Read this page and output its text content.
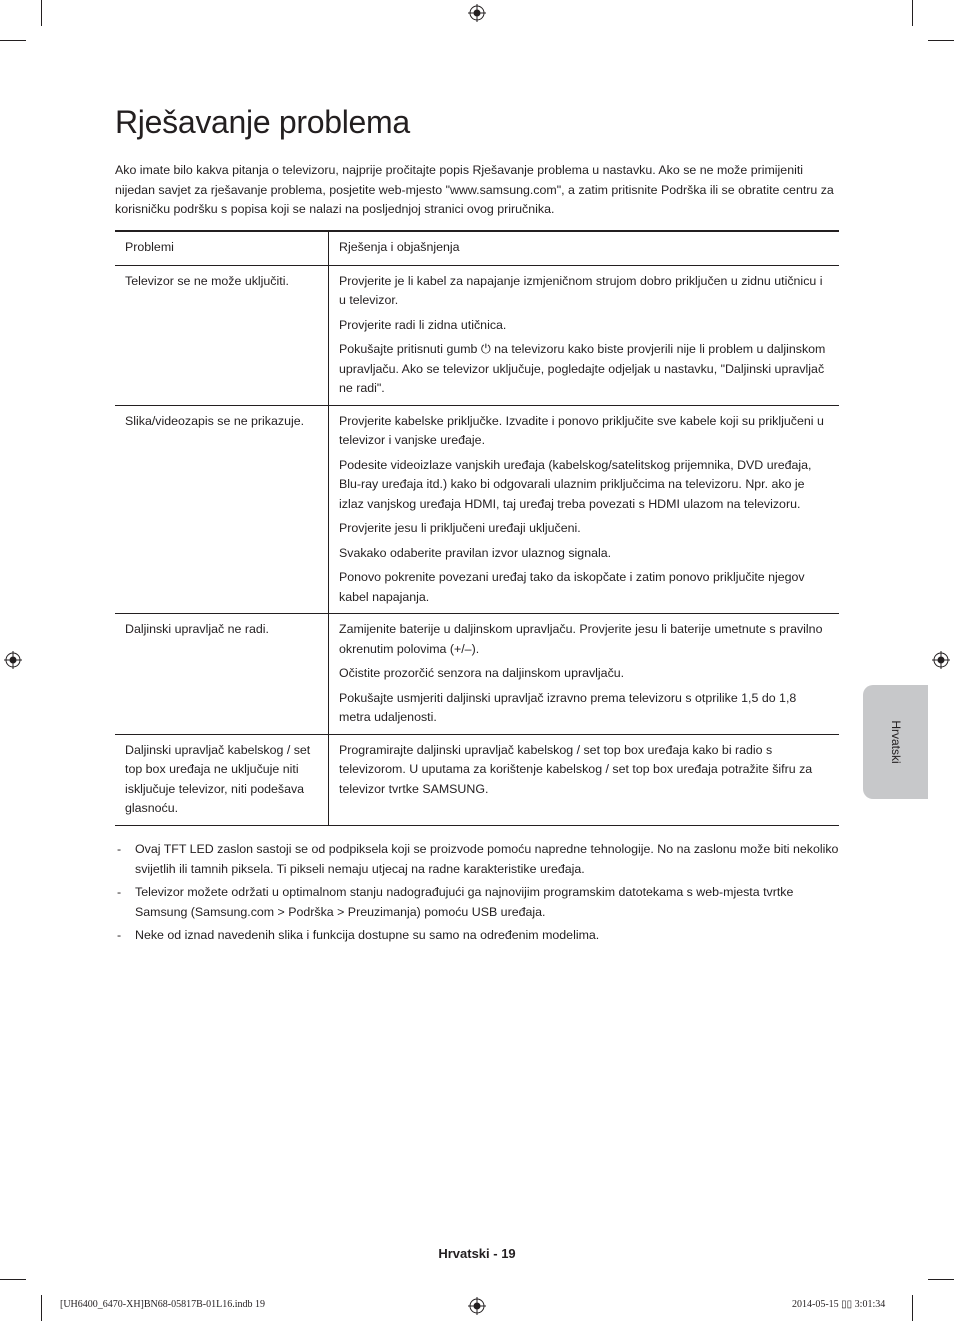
Rješavanje problema

Ako imate bilo kakva pitanja o televizoru, najprije pročitajte popis Rješavanje problema u nastavku. Ako se ne može primijeniti nijedan savjet za rješavanje problema, posjetite web-mjesto "www.samsung.com", a zatim pritisnite Podrška ili se obratite centru za korisničku podršku s popisa koji se nalazi na posljednjoj stranici ovog priručnika.

Problemi	Rješenja i objašnjenja
Televizor se ne može uključiti.	Provjerite je li kabel za napajanje izmjeničnom strujom dobro priključen u zidnu utičnicu i u televizor.

Provjerite radi li zidna utičnica.

Pokušajte pritisnuti gumb ⏻ na televizoru kako biste provjerili nije li problem u daljinskom upravljaču. Ako se televizor uključuje, pogledajte odjeljak u nastavku, "Daljinski upravljač ne radi".

Slika/videozapis se ne prikazuje.	Provjerite kabelske priključke. Izvadite i ponovo priključite sve kabele koji su priključeni u televizor i vanjske uređaje.

Podesite videoizlaze vanjskih uređaja (kabelskog/satelitskog prijemnika, DVD uređaja, Blu-ray uređaja itd.) kako bi odgovarali ulaznim priključcima na televizoru. Npr. ako je izlaz vanjskog uređaja HDMI, taj uređaj treba povezati s HDMI ulazom na televizoru.

Provjerite jesu li priključeni uređaji uključeni.

Svakako odaberite pravilan izvor ulaznog signala.

Ponovo pokrenite povezani uređaj tako da iskopčate i zatim ponovo priključite njegov kabel napajanja.

Daljinski upravljač ne radi.	Zamijenite baterije u daljinskom upravljaču. Provjerite jesu li baterije umetnute s pravilno okrenutim polovima (+/–).

Očistite prozorčić senzora na daljinskom upravljaču.

Pokušajte usmjeriti daljinski upravljač izravno prema televizoru s otprilike 1,5 do 1,8 metra udaljenosti.

Daljinski upravljač kabelskog / set top box uređaja ne uključuje niti isključuje televizor, niti podešava glasnoću.	Programirajte daljinski upravljač kabelskog / set top box uređaja kako bi radio s televizorom. U uputama za korištenje kabelskog / set top box uređaja potražite šifru za televizor tvrtke SAMSUNG.

- Ovaj TFT LED zaslon sastoji se od podpiksela koji se proizvode pomoću napredne tehnologije. No na zaslonu može biti nekoliko svijetlih ili tamnih piksela. Ti pikseli nemaju utjecaj na radne karakteristike uređaja.
- Televizor možete održati u optimalnom stanju nadograđujući ga najnovijim programskim datotekama s web-mjesta tvrtke Samsung (Samsung.com > Podrška > Preuzimanja) pomoću USB uređaja.
- Neke od iznad navedenih slika i funkcija dostupne su samo na određenim modelima.
Hrvatski
Hrvatski - 19
[UH6400_6470-XH]BN68-05817B-01L16.indb 19	2014-05-15 ▯▯ 3:01:34
